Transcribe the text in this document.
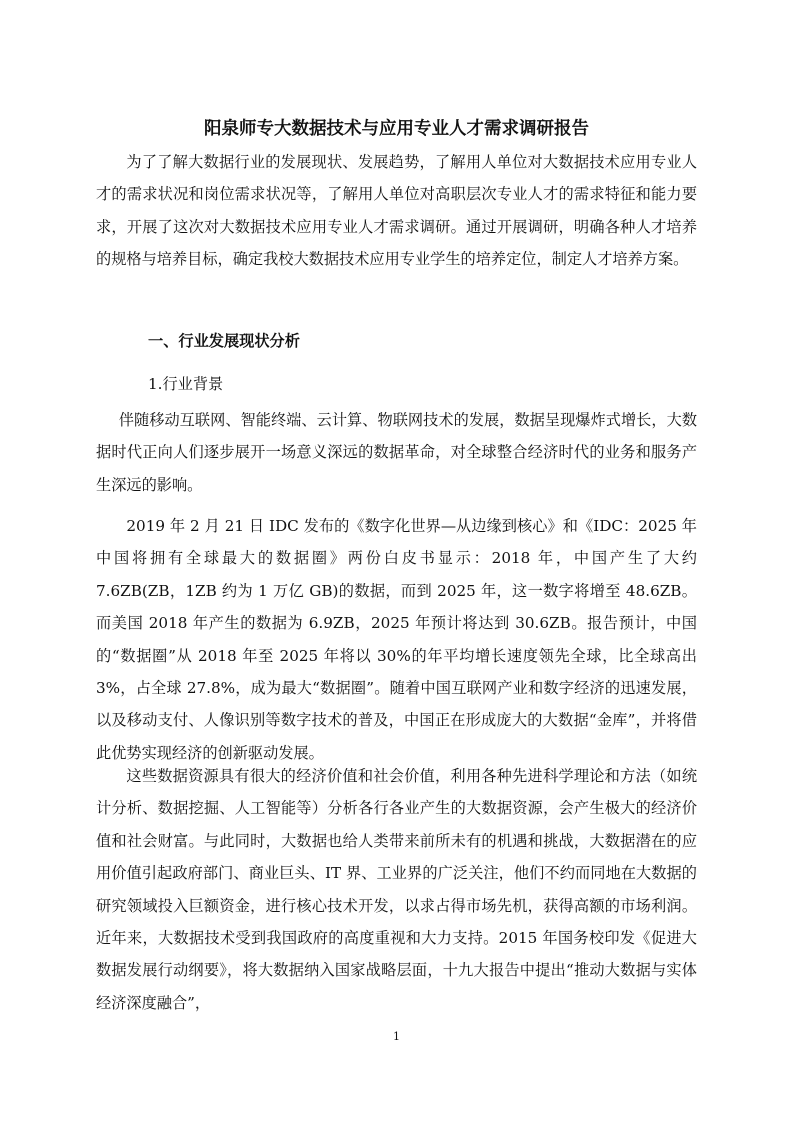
阳泉师专大数据技术与应用专业人才需求调研报告

为了了解大数据行业的发展现状、发展趋势，了解用人单位对大数据技术应用专业人才的需求状况和岗位需求状况等，了解用人单位对高职层次专业人才的需求特征和能力要求，开展了这次对大数据技术应用专业人才需求调研。通过开展调研，明确各种人才培养的规格与培养目标，确定我校大数据技术应用专业学生的培养定位，制定人才培养方案。

一、行业发展现状分析
1.行业背景

伴随移动互联网、智能终端、云计算、物联网技术的发展，数据呈现爆炸式增长，大数据时代正向人们逐步展开一场意义深远的数据革命，对全球整合经济时代的业务和服务产生深远的影响。

2019 年 2 月 21 日 IDC 发布的《数字化世界—从边缘到核心》和《IDC：2025 年中国将拥有全球最大的数据圈》两份白皮书显示：2018 年，中国产生了大约 7.6ZB(ZB，1ZB 约为 1 万亿 GB)的数据，而到 2025 年，这一数字将增至 48.6ZB。而美国 2018 年产生的数据为 6.9ZB，2025 年预计将达到 30.6ZB。报告预计，中国的“数据圈”从 2018 年至 2025 年将以 30%的年平均增长速度领先全球，比全球高出 3%，占全球 27.8%，成为最大“数据圈”。随着中国互联网产业和数字经济的迅速发展，以及移动支付、人像识别等数字技术的普及，中国正在形成庞大的大数据“金库”，并将借此优势实现经济的创新驱动发展。

这些数据资源具有很大的经济价值和社会价值，利用各种先进科学理论和方法（如统计分析、数据挖掘、人工智能等）分析各行各业产生的大数据资源，会产生极大的经济价值和社会财富。与此同时，大数据也给人类带来前所未有的机遇和挑战，大数据潜在的应用价值引起政府部门、商业巨头、IT 界、工业界的广泛关注，他们不约而同地在大数据的研究领域投入巨额资金，进行核心技术开发，以求占得市场先机，获得高额的市场利润。近年来，大数据技术受到我国政府的高度重视和大力支持。2015 年国务校印发《促进大数据发展行动纲要》，将大数据纳入国家战略层面，十九大报告中提出“推动大数据与实体经济深度融合”，

1
